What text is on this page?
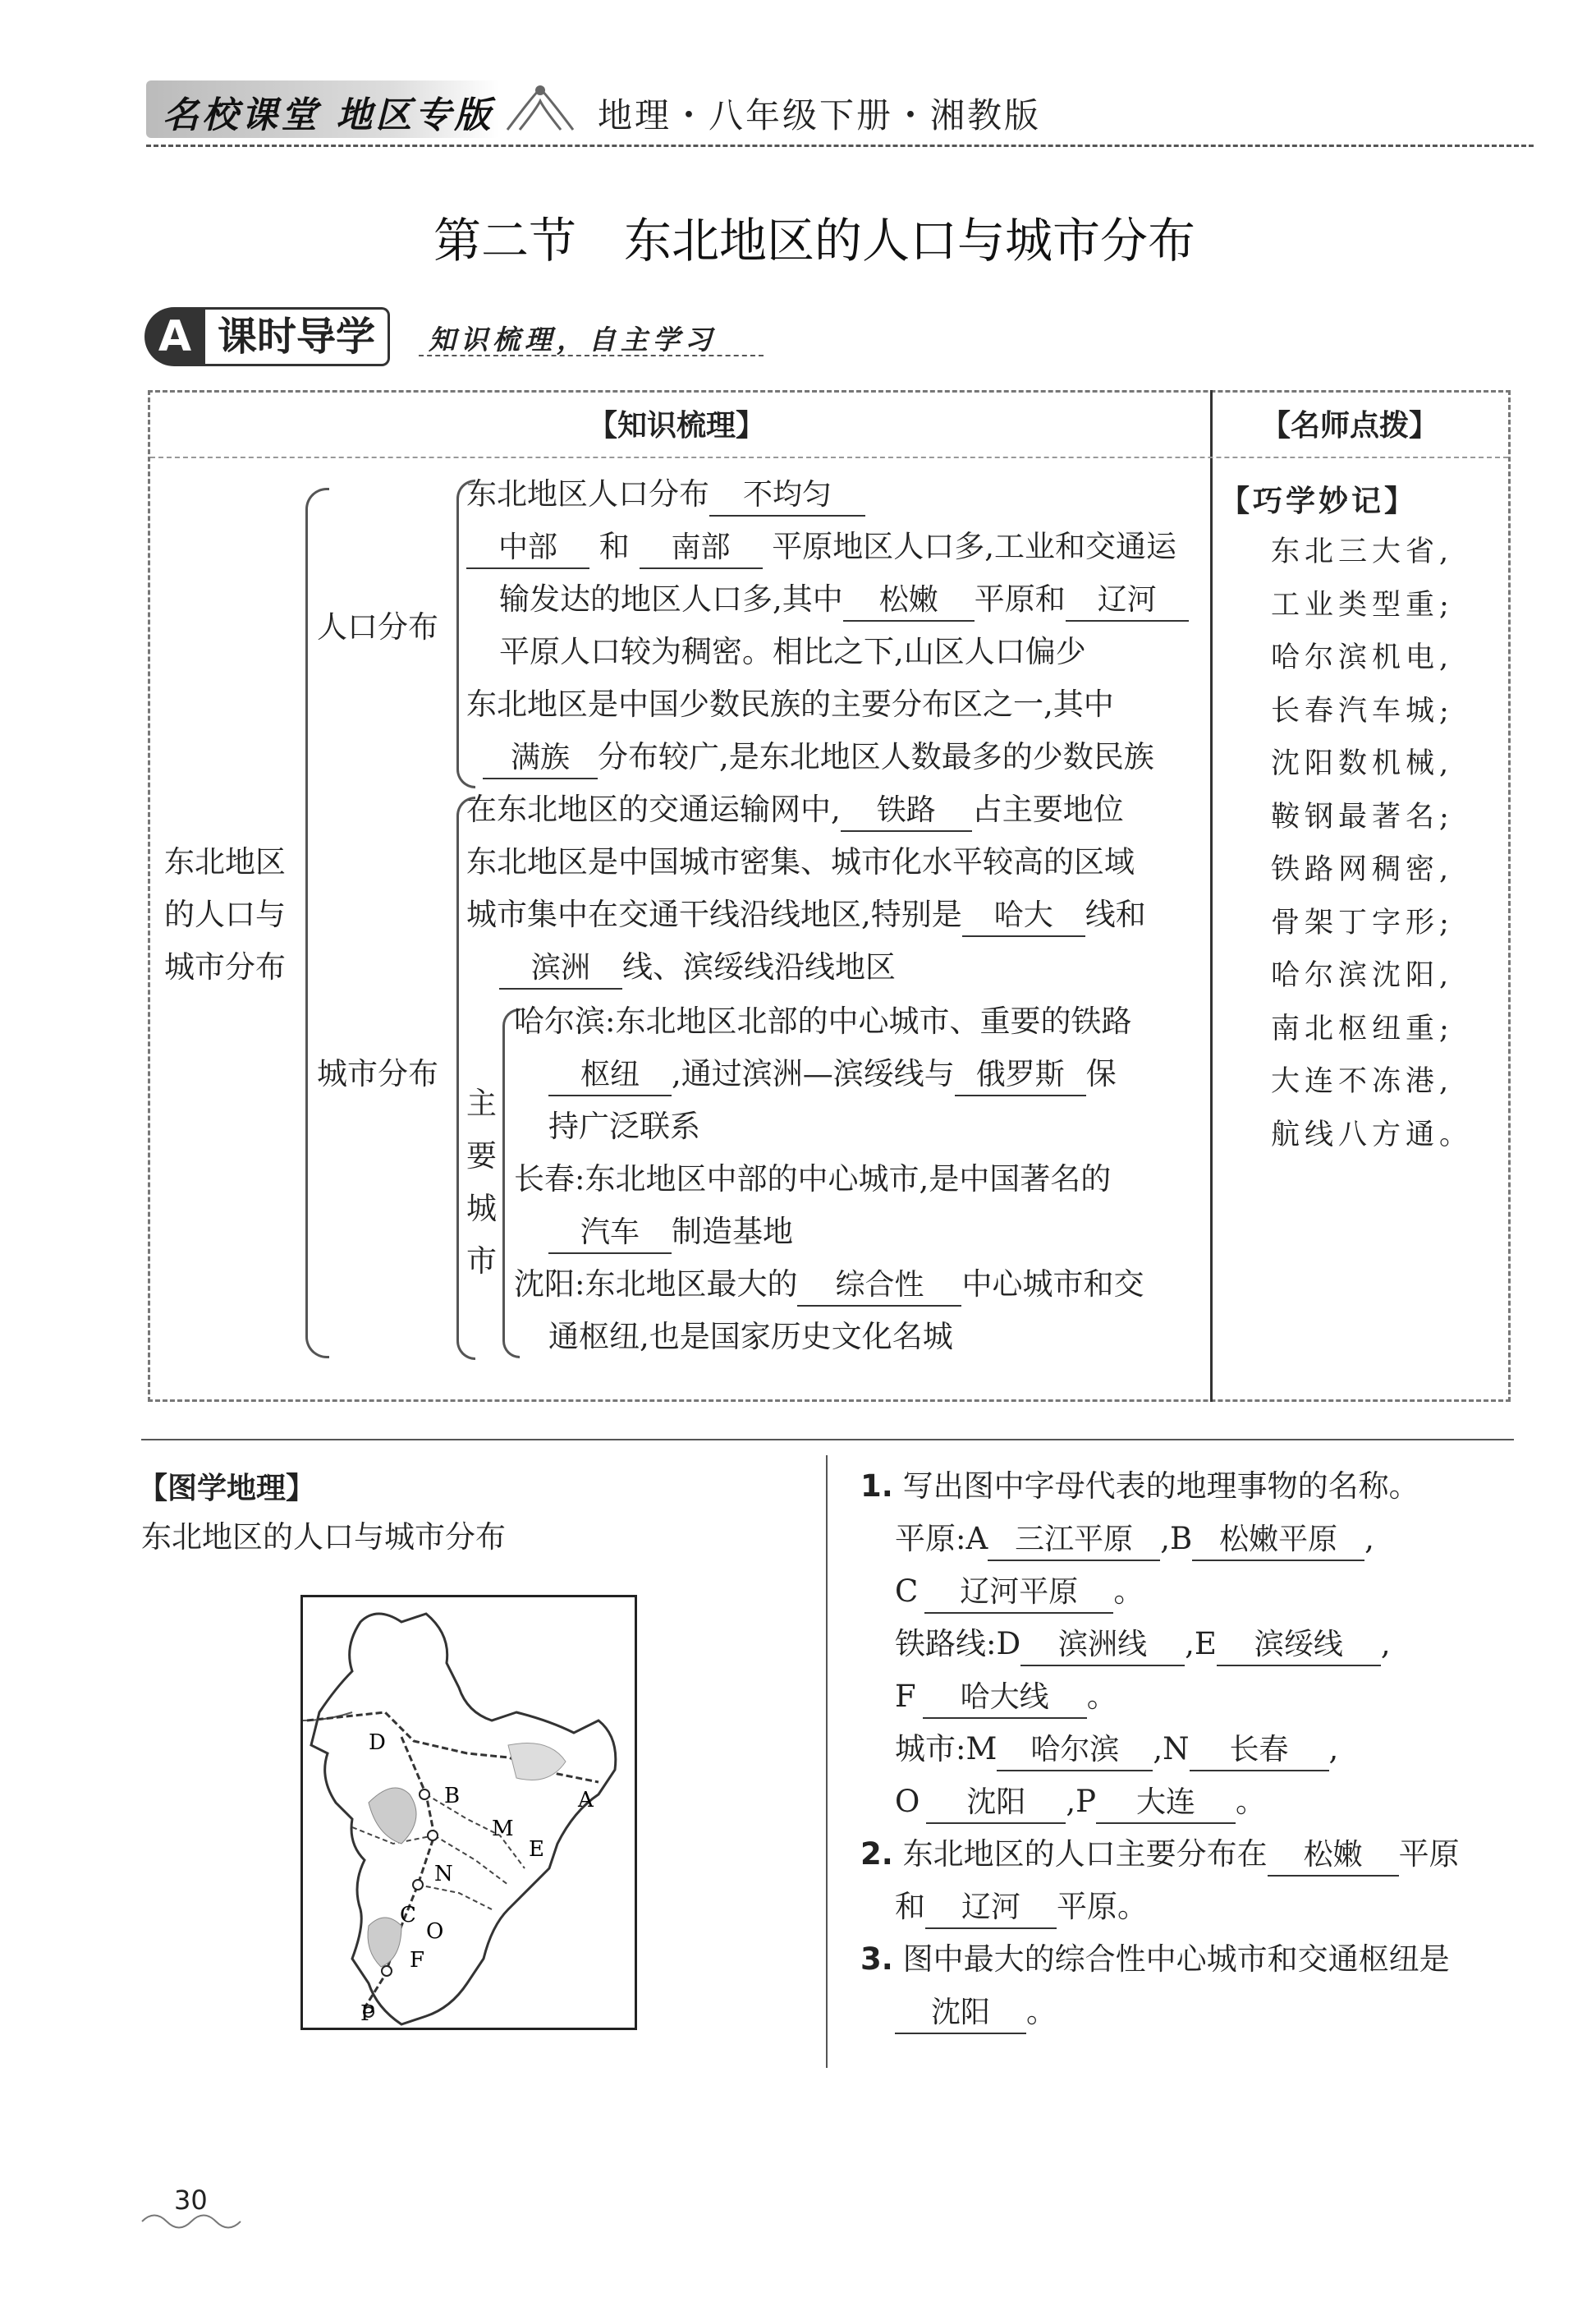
名校课堂 地区专版	地理・八年级下册・湘教版
第二节　东北地区的人口与城市分布
A 课时导学	知识梳理，自主学习
【知识梳理】	【名师点拨】
东北地区
的人口与
城市分布
人口分布
东北地区人口分布 不均匀
中部 和 南部 平原地区人口多,工业和交通运
输发达的地区人口多,其中 松嫩 平原和 辽河
平原人口较为稠密。相比之下,山区人口偏少
东北地区是中国少数民族的主要分布区之一,其中
满族 分布较广,是东北地区人数最多的少数民族
城市分布
在东北地区的交通运输网中, 铁路 占主要地位
东北地区是中国城市密集、城市化水平较高的区域
城市集中在交通干线沿线地区,特别是 哈大 线和
滨洲 线、滨绥线沿线地区
主
要
城
市
哈尔滨:东北地区北部的中心城市、重要的铁路
枢纽 ,通过滨洲—滨绥线与 俄罗斯 保
持广泛联系
长春:东北地区中部的中心城市,是中国著名的
汽车 制造基地
沈阳:东北地区最大的 综合性 中心城市和交
通枢纽,也是国家历史文化名城
【巧学妙记】
东北三大省,
工业类型重;
哈尔滨机电,
长春汽车城;
沈阳数机械,
鞍钢最著名;
铁路网稠密,
骨架丁字形;
哈尔滨沈阳,
南北枢纽重;
大连不冻港,
航线八方通。
【图学地理】
东北地区的人口与城市分布
D
B	A
M
E
N
C
O
F
P
1. 写出图中字母代表的地理事物的名称。
平原:A 三江平原 ,B 松嫩平原 ,
C 辽河平原 。
铁路线:D 滨洲线 ,E 滨绥线 ,
F 哈大线 。
城市:M 哈尔滨 ,N 长春 ,
O 沈阳 ,P 大连 。
2. 东北地区的人口主要分布在 松嫩 平原
和 辽河 平原。
3. 图中最大的综合性中心城市和交通枢纽是
沈阳 。
30
